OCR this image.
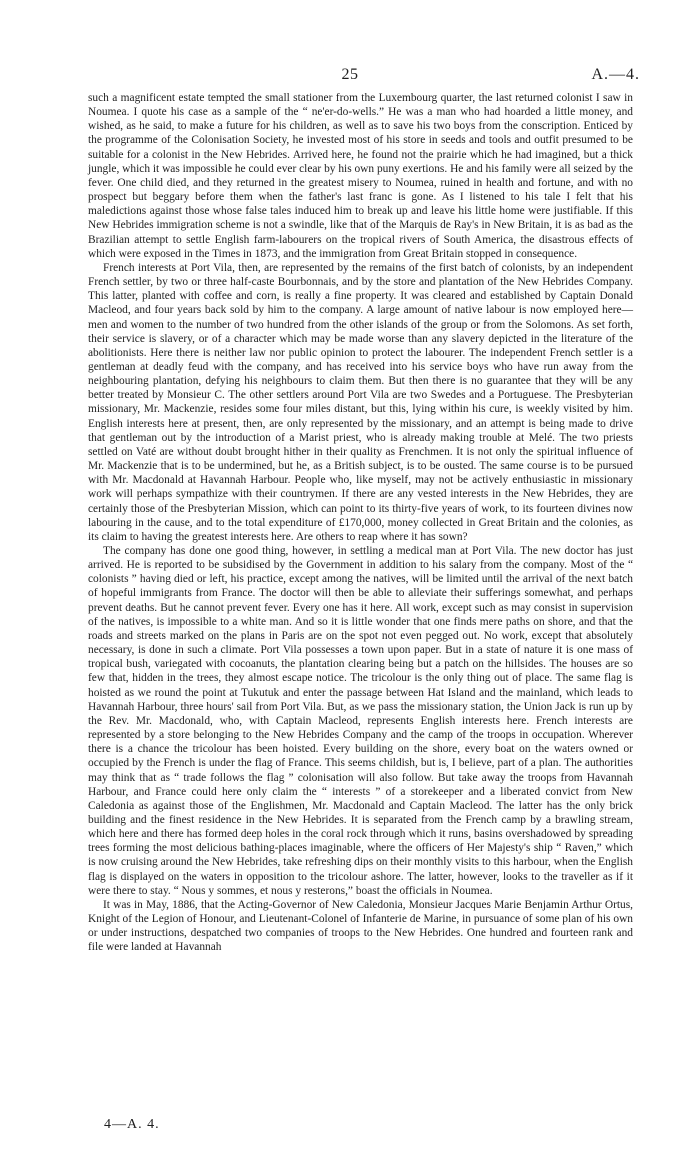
25	A.—4.

such a magnificent estate tempted the small stationer from the Luxembourg quarter, the last returned colonist I saw in Noumea. I quote his case as a sample of the “ ne'er-do-wells.” He was a man who had hoarded a little money, and wished, as he said, to make a future for his children, as well as to save his two boys from the conscription. Enticed by the programme of the Colonisation Society, he invested most of his store in seeds and tools and outfit presumed to be suitable for a colonist in the New Hebrides. Arrived here, he found not the prairie which he had imagined, but a thick jungle, which it was impossible he could ever clear by his own puny exertions. He and his family were all seized by the fever. One child died, and they returned in the greatest misery to Noumea, ruined in health and fortune, and with no prospect but beggary before them when the father's last franc is gone. As I listened to his tale I felt that his maledictions against those whose false tales induced him to break up and leave his little home were justifiable. If this New Hebrides immigration scheme is not a swindle, like that of the Marquis de Ray's in New Britain, it is as bad as the Brazilian attempt to settle English farm-labourers on the tropical rivers of South America, the disastrous effects of which were exposed in the Times in 1873, and the immigration from Great Britain stopped in consequence.

French interests at Port Vila, then, are represented by the remains of the first batch of colonists, by an independent French settler, by two or three half-caste Bourbonnais, and by the store and plantation of the New Hebrides Company. This latter, planted with coffee and corn, is really a fine property. It was cleared and established by Captain Donald Macleod, and four years back sold by him to the company. A large amount of native labour is now employed here—men and women to the number of two hundred from the other islands of the group or from the Solomons. As set forth, their service is slavery, or of a character which may be made worse than any slavery depicted in the literature of the abolitionists. Here there is neither law nor public opinion to protect the labourer. The independent French settler is a gentleman at deadly feud with the company, and has received into his service boys who have run away from the neighbouring plantation, defying his neighbours to claim them. But then there is no guarantee that they will be any better treated by Monsieur C. The other settlers around Port Vila are two Swedes and a Portuguese. The Presbyterian missionary, Mr. Mackenzie, resides some four miles distant, but this, lying within his cure, is weekly visited by him. English interests here at present, then, are only represented by the missionary, and an attempt is being made to drive that gentleman out by the introduction of a Marist priest, who is already making trouble at Melé. The two priests settled on Vaté are without doubt brought hither in their quality as Frenchmen. It is not only the spiritual influence of Mr. Mackenzie that is to be undermined, but he, as a British subject, is to be ousted. The same course is to be pursued with Mr. Macdonald at Havannah Harbour. People who, like myself, may not be actively enthusiastic in missionary work will perhaps sympathize with their countrymen. If there are any vested interests in the New Hebrides, they are certainly those of the Presbyterian Mission, which can point to its thirty-five years of work, to its fourteen divines now labouring in the cause, and to the total expenditure of £170,000, money collected in Great Britain and the colonies, as its claim to having the greatest interests here. Are others to reap where it has sown?

The company has done one good thing, however, in settling a medical man at Port Vila. The new doctor has just arrived. He is reported to be subsidised by the Government in addition to his salary from the company. Most of the “ colonists ” having died or left, his practice, except among the natives, will be limited until the arrival of the next batch of hopeful immigrants from France. The doctor will then be able to alleviate their sufferings somewhat, and perhaps prevent deaths. But he cannot prevent fever. Every one has it here. All work, except such as may consist in supervision of the natives, is impossible to a white man. And so it is little wonder that one finds mere paths on shore, and that the roads and streets marked on the plans in Paris are on the spot not even pegged out. No work, except that absolutely necessary, is done in such a climate. Port Vila possesses a town upon paper. But in a state of nature it is one mass of tropical bush, variegated with cocoanuts, the plantation clearing being but a patch on the hillsides. The houses are so few that, hidden in the trees, they almost escape notice. The tricolour is the only thing out of place. The same flag is hoisted as we round the point at Tukutuk and enter the passage between Hat Island and the mainland, which leads to Havannah Harbour, three hours' sail from Port Vila. But, as we pass the missionary station, the Union Jack is run up by the Rev. Mr. Macdonald, who, with Captain Macleod, represents English interests here. French interests are represented by a store belonging to the New Hebrides Company and the camp of the troops in occupation. Wherever there is a chance the tricolour has been hoisted. Every building on the shore, every boat on the waters owned or occupied by the French is under the flag of France. This seems childish, but is, I believe, part of a plan. The authorities may think that as “ trade follows the flag ” colonisation will also follow. But take away the troops from Havannah Harbour, and France could here only claim the “ interests ” of a storekeeper and a liberated convict from New Caledonia as against those of the Englishmen, Mr. Macdonald and Captain Macleod. The latter has the only brick building and the finest residence in the New Hebrides. It is separated from the French camp by a brawling stream, which here and there has formed deep holes in the coral rock through which it runs, basins overshadowed by spreading trees forming the most delicious bathing-places imaginable, where the officers of Her Majesty's ship “ Raven,” which is now cruising around the New Hebrides, take refreshing dips on their monthly visits to this harbour, when the English flag is displayed on the waters in opposition to the tricolour ashore. The latter, however, looks to the traveller as if it were there to stay. “ Nous y sommes, et nous y resterons,” boast the officials in Noumea.

It was in May, 1886, that the Acting-Governor of New Caledonia, Monsieur Jacques Marie Benjamin Arthur Ortus, Knight of the Legion of Honour, and Lieutenant-Colonel of Infanterie de Marine, in pursuance of some plan of his own or under instructions, despatched two companies of troops to the New Hebrides. One hundred and fourteen rank and file were landed at Havannah

4—A. 4.
